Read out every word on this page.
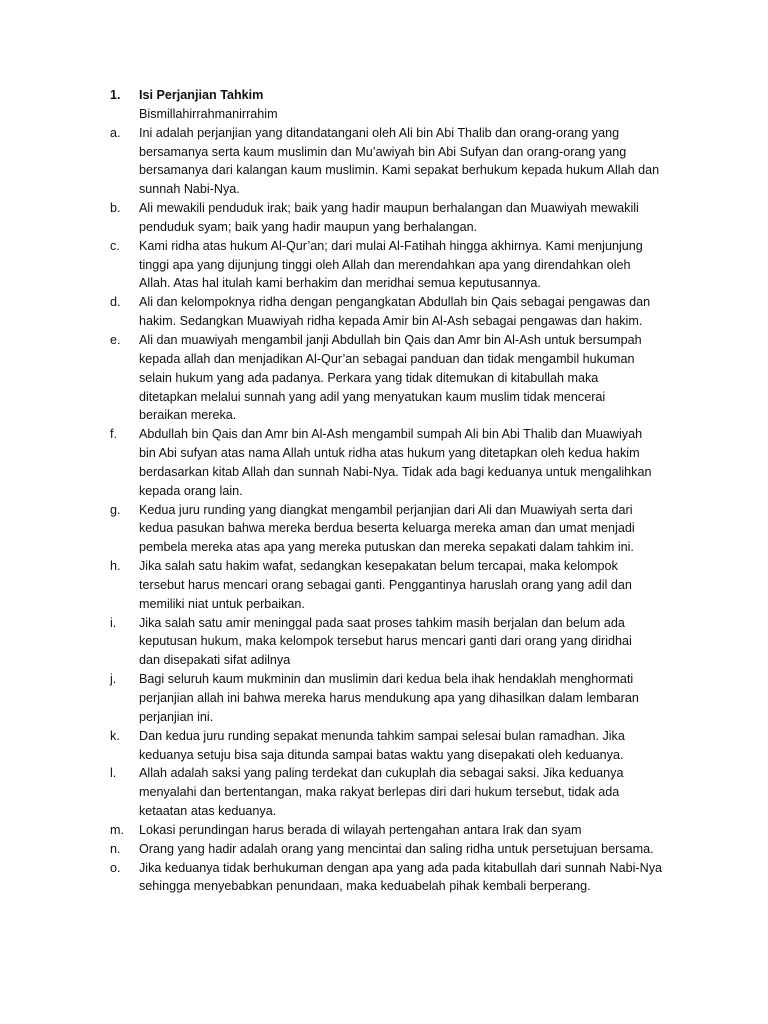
1.	Isi Perjanjian Tahkim
Bismillahirrahmanirrahim
a.	Ini adalah perjanjian yang ditandatangani oleh Ali bin Abi Thalib dan orang-orang yang
bersamanya serta kaum muslimin dan Mu’awiyah bin Abi Sufyan dan orang-orang yang
bersamanya dari kalangan kaum muslimin. Kami sepakat berhukum kepada hukum Allah dan
sunnah Nabi-Nya.
b.	Ali mewakili penduduk irak; baik yang hadir maupun berhalangan dan Muawiyah mewakili
penduduk syam; baik yang hadir maupun yang berhalangan.
c.	Kami ridha atas hukum Al-Qur’an; dari mulai Al-Fatihah hingga akhirnya. Kami menjunjung
tinggi apa yang dijunjung tinggi oleh Allah dan merendahkan apa yang direndahkan oleh
Allah. Atas hal itulah kami berhakim dan meridhai semua keputusannya.
d.	Ali dan kelompoknya ridha dengan pengangkatan Abdullah bin Qais sebagai pengawas dan
hakim. Sedangkan Muawiyah ridha kepada Amir bin Al-Ash sebagai pengawas dan hakim.
e.	Ali dan muawiyah mengambil janji Abdullah bin Qais dan Amr bin Al-Ash untuk bersumpah
kepada allah dan menjadikan Al-Qur’an sebagai panduan dan tidak mengambil hukuman
selain hukum yang ada padanya. Perkara yang tidak ditemukan di kitabullah maka
ditetapkan melalui sunnah yang adil yang menyatukan kaum muslim tidak mencerai
beraikan mereka.
f.	Abdullah bin Qais dan Amr bin Al-Ash mengambil sumpah Ali bin Abi Thalib dan Muawiyah
bin Abi sufyan atas nama Allah untuk ridha atas hukum yang ditetapkan oleh kedua hakim
berdasarkan kitab Allah dan sunnah Nabi-Nya. Tidak ada bagi keduanya untuk mengalihkan
kepada orang lain.
g.	Kedua juru runding yang diangkat mengambil perjanjian dari Ali dan Muawiyah serta dari
kedua pasukan bahwa mereka berdua beserta keluarga mereka aman dan umat menjadi
pembela mereka atas apa yang mereka putuskan dan mereka sepakati dalam tahkim ini.
h.	Jika salah satu hakim wafat, sedangkan kesepakatan belum tercapai, maka kelompok
tersebut harus mencari orang sebagai ganti. Penggantinya haruslah orang yang adil dan
memiliki niat untuk perbaikan.
i.	Jika salah satu amir meninggal pada saat proses tahkim masih berjalan dan belum ada
keputusan hukum, maka kelompok tersebut harus mencari ganti dari orang yang diridhai
dan disepakati sifat adilnya
j.	Bagi seluruh kaum mukminin dan muslimin dari kedua bela ihak hendaklah menghormati
perjanjian allah ini bahwa mereka harus mendukung apa yang dihasilkan dalam lembaran
perjanjian ini.
k.	Dan kedua juru runding sepakat menunda tahkim sampai selesai bulan ramadhan. Jika
keduanya setuju bisa saja ditunda sampai batas waktu yang disepakati oleh keduanya.
l.	Allah adalah saksi yang paling terdekat dan cukuplah dia sebagai saksi. Jika keduanya
menyalahi dan bertentangan, maka rakyat berlepas diri dari hukum tersebut, tidak ada
ketaatan atas keduanya.
m.	Lokasi perundingan harus berada di wilayah pertengahan antara Irak dan syam
n.	Orang yang hadir adalah orang yang mencintai dan saling ridha untuk persetujuan bersama.
o.	Jika keduanya tidak berhukuman dengan apa yang ada pada kitabullah dari sunnah Nabi-Nya
sehingga menyebabkan penundaan, maka keduabelah pihak kembali berperang.
